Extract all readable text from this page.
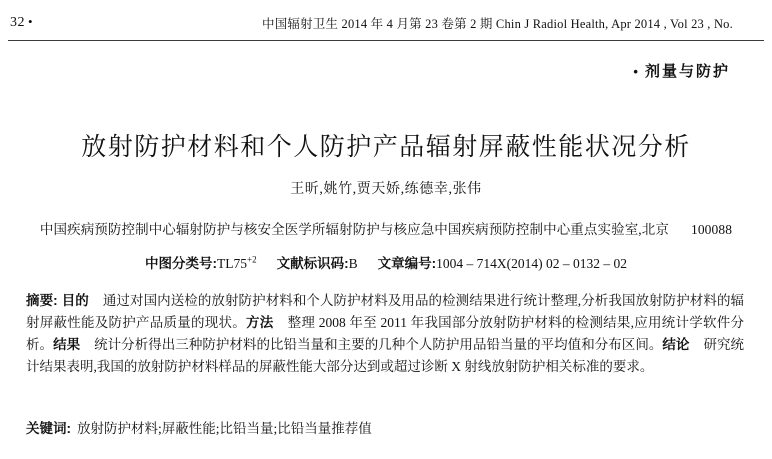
32 •	中国辐射卫生 2014 年 4 月第 23 卷第 2 期 Chin J Radiol Health, Apr 2014 , Vol 23 , No.
• 剂量与防护
放射防护材料和个人防护产品辐射屏蔽性能状况分析
王昕,姚竹,贾天娇,练德幸,张伟
中国疾病预防控制中心辐射防护与核安全医学所辐射防护与核应急中国疾病预防控制中心重点实验室,北京 100088
中图分类号$:TL75^{+2}$ 文献标识码:B 文章编号:1004 – 714X(2014) 02 – 0132 – 02
摘要: 目的 通过对国内送检的放射防护材料和个人防护材料及用品的检测结果进行统计整理,分析我国放射防护材料的辐射屏蔽性能及防护产品质量的现状。方法 整理 2008 年至 2011 年我国部分放射防护材料的检测结果,应用统计学软件分析。结果 统计分析得出三种防护材料的比铅当量和主要的几种个人防护用品铅当量的平均值和分布区间。结论 研究统计结果表明,我国的放射防护材料样品的屏蔽性能大部分达到或超过诊断 X 射线放射防护相关标准的要求。
关键词: 放射防护材料;屏蔽性能;比铅当量;比铅当量推荐值
